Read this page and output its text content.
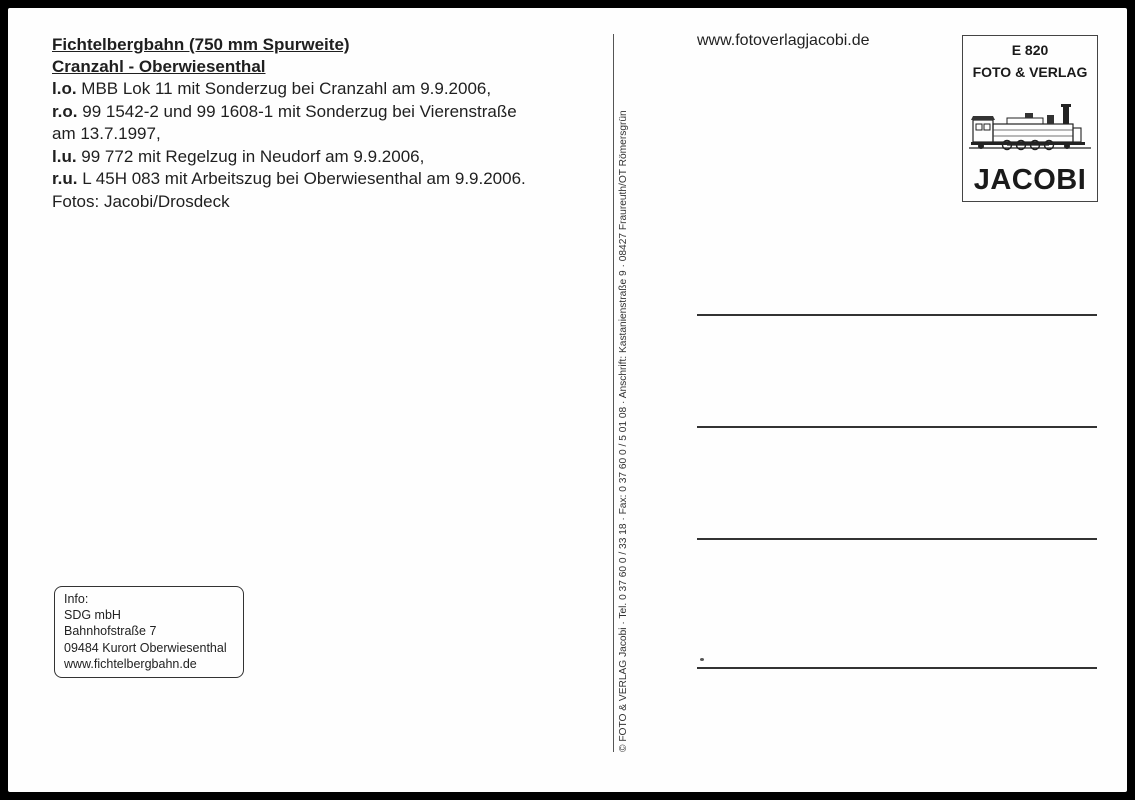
Fichtelbergbahn (750 mm Spurweite)
Cranzahl - Oberwiesenthal
l.o. MBB Lok 11 mit Sonderzug bei Cranzahl am 9.9.2006,
r.o. 99 1542-2 und 99 1608-1 mit Sonderzug bei Vierenstraße
am 13.7.1997,
l.u. 99 772 mit Regelzug in Neudorf am 9.9.2006,
r.u. L 45H 083 mit Arbeitszug bei Oberwiesenthal am 9.9.2006.
Fotos: Jacobi/Drosdeck
Info:
SDG mbH
Bahnhofstraße 7
09484 Kurort Oberwiesenthal
www.fichtelbergbahn.de	© FOTO & VERLAG Jacobi · Tel. 0 37 60 0 / 33 18 · Fax: 0 37 60 0 / 5 01 08 · Anschrift: Kastanienstraße 9 · 08427 Fraureuth/OT Römersgrün
www.fotoverlagjacobi.de
E 820
FOTO & VERLAG
JACOBI
